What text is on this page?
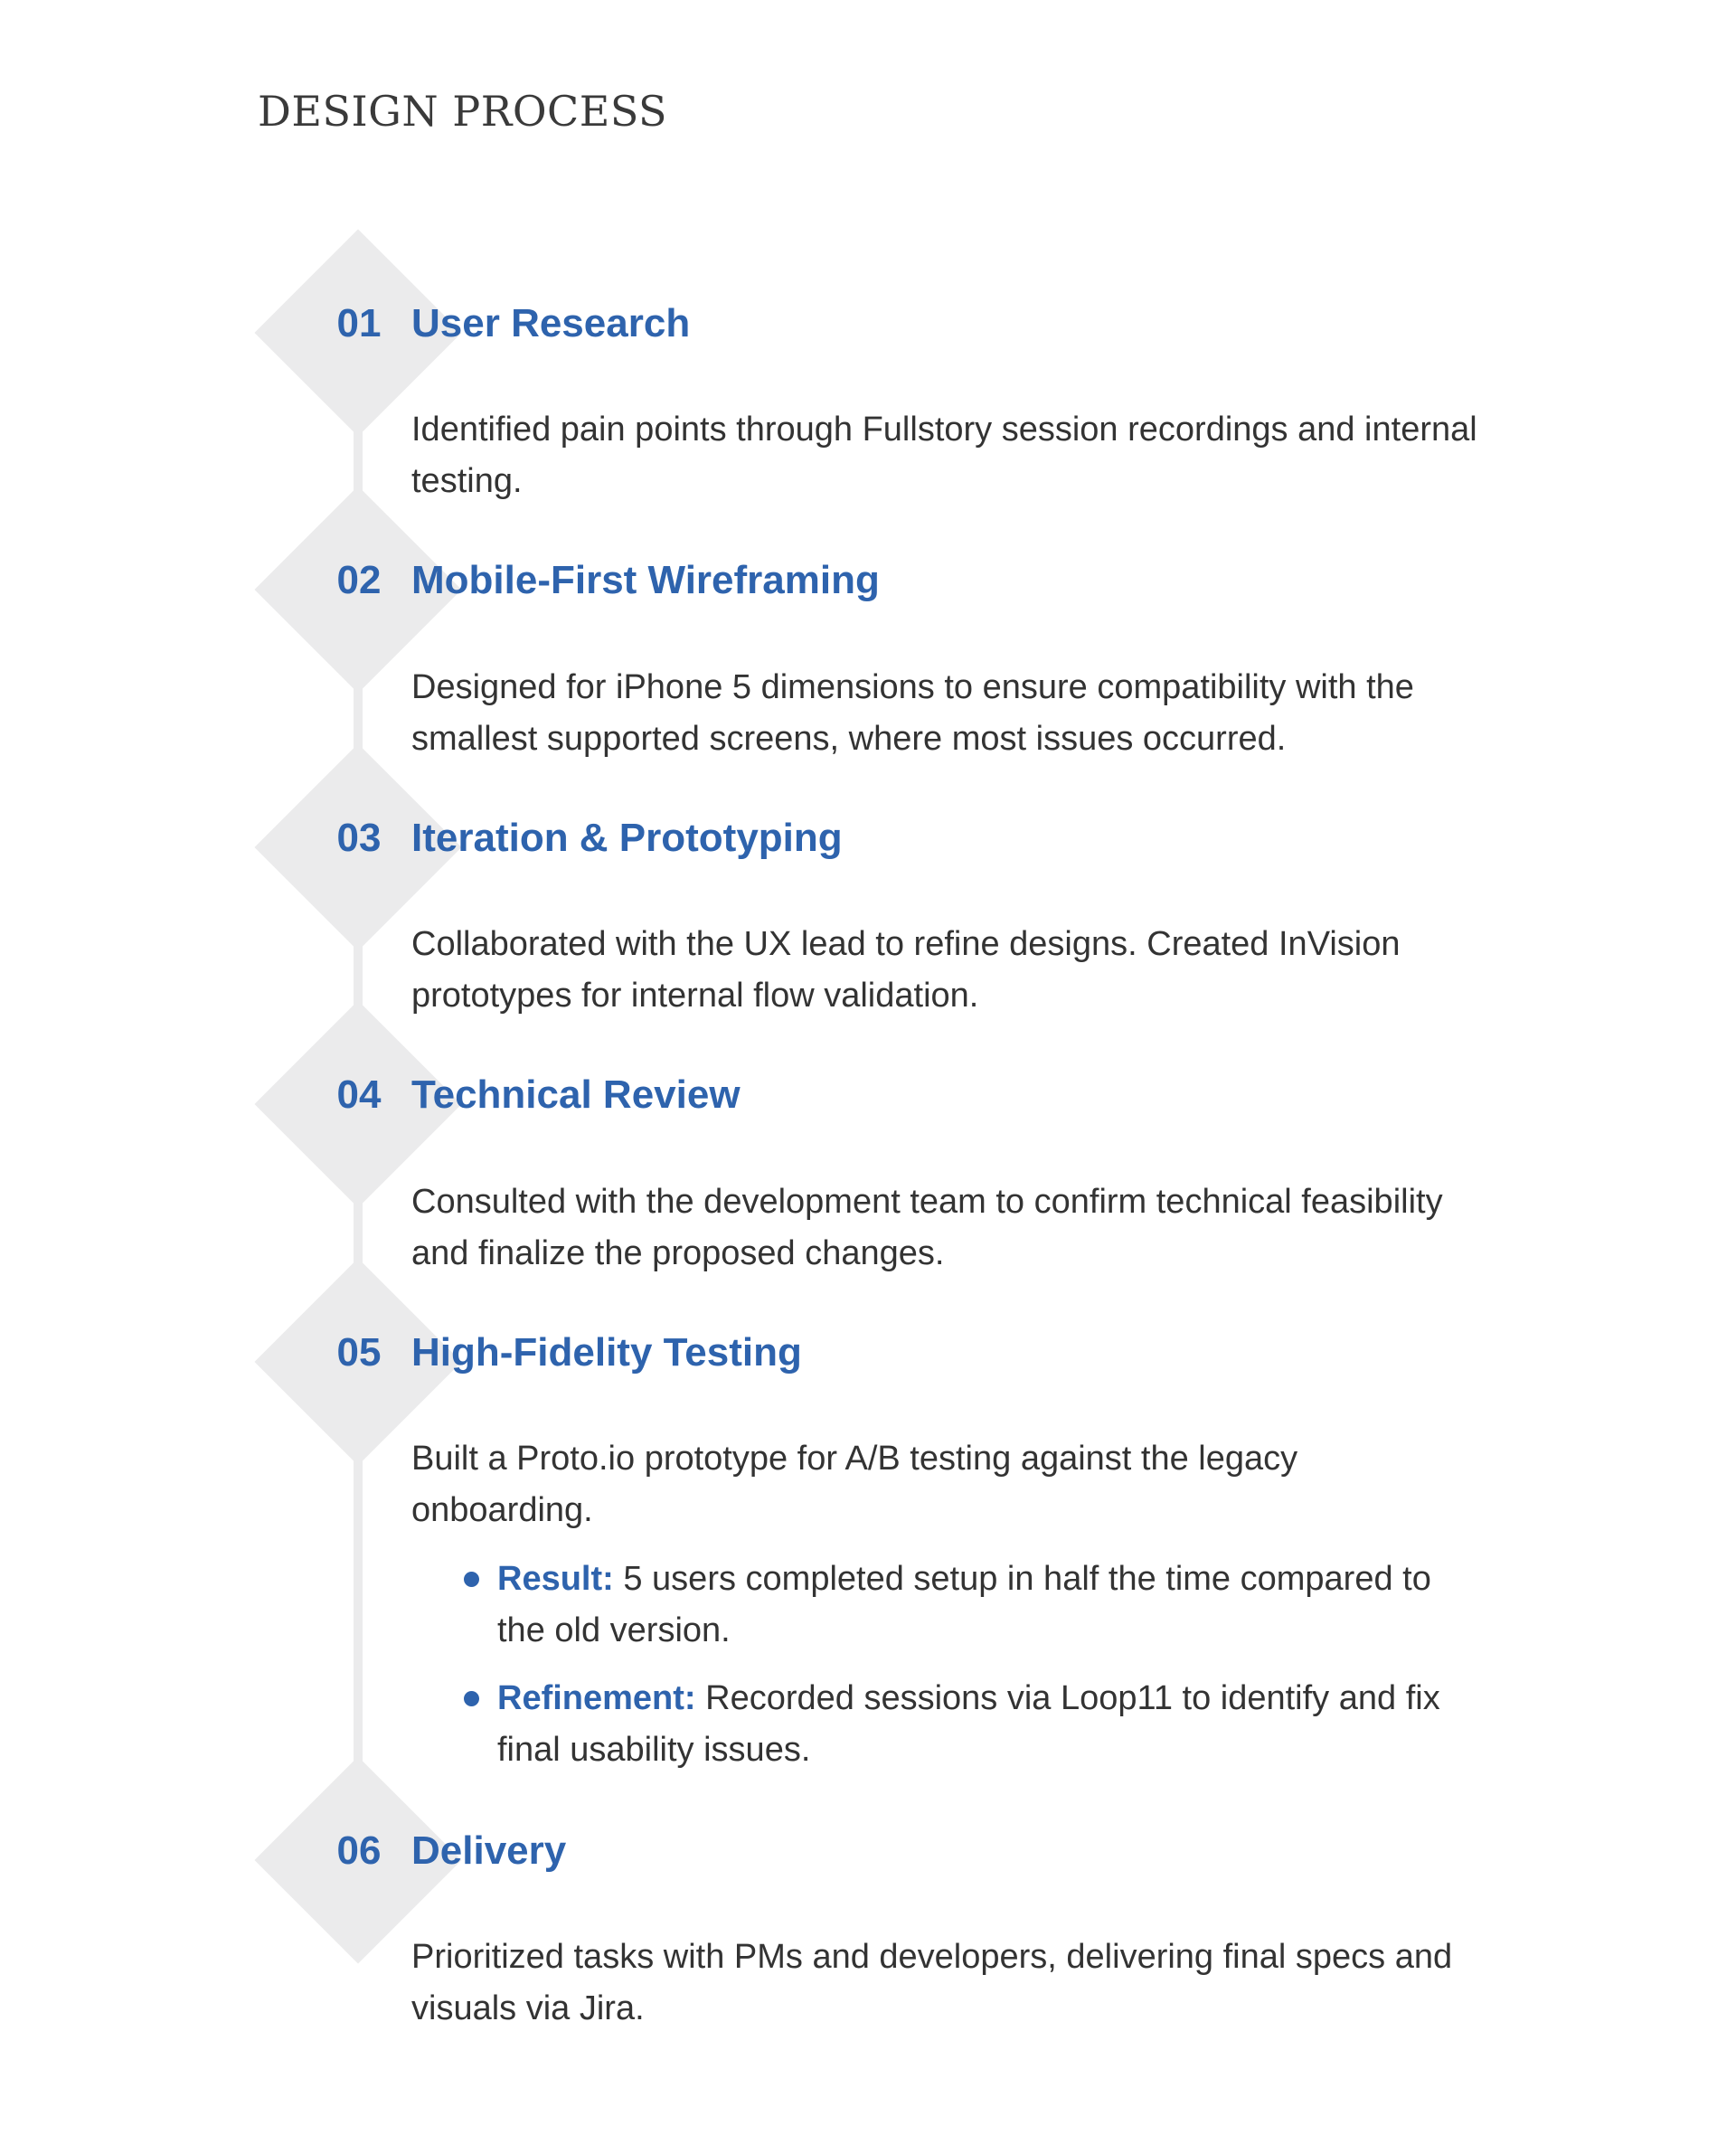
DESIGN PROCESS
01 User Research
Identified pain points through Fullstory session recordings and internal testing.
02 Mobile-First Wireframing
Designed for iPhone 5 dimensions to ensure compatibility with the smallest supported screens, where most issues occurred.
03 Iteration & Prototyping
Collaborated with the UX lead to refine designs. Created InVision prototypes for internal flow validation.
04 Technical Review
Consulted with the development team to confirm technical feasibility and finalize the proposed changes.
05 High-Fidelity Testing
Built a Proto.io prototype for A/B testing against the legacy onboarding.
Result: 5 users completed setup in half the time compared to the old version.
Refinement: Recorded sessions via Loop11 to identify and fix final usability issues.
06 Delivery
Prioritized tasks with PMs and developers, delivering final specs and visuals via Jira.
